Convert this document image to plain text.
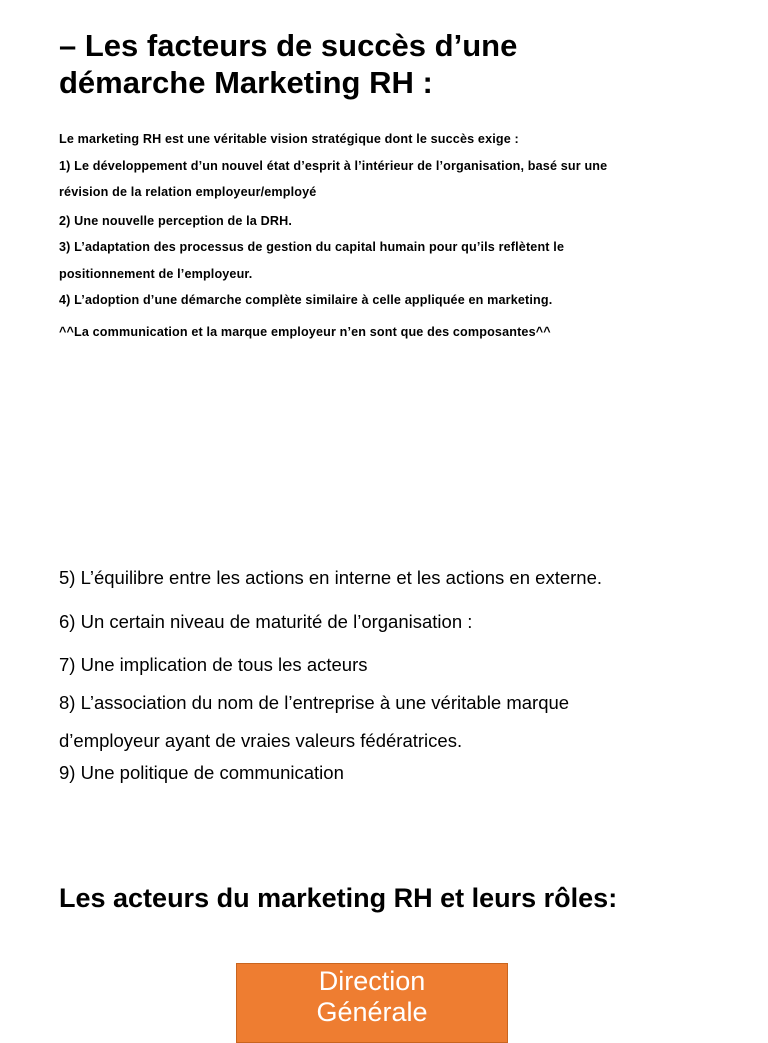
– Les facteurs de succès d’une
démarche Marketing RH :

Le marketing RH est une véritable vision stratégique dont le succès exige :

1) Le développement d’un nouvel état d’esprit à l’intérieur de l’organisation, basé sur une

révision de la relation employeur/employé

2) Une nouvelle perception de la DRH.

3) L’adaptation des processus de gestion du capital humain pour qu’ils reflètent le

positionnement de l’employeur.

4) L’adoption d’une démarche complète similaire à celle appliquée en marketing.

^^La communication et la marque employeur n’en sont que des composantes^^

5) L’équilibre entre les actions en interne et les actions en externe.

6) Un certain niveau de maturité de l’organisation :

7) Une implication de tous les acteurs

8) L’association du nom de l’entreprise à une véritable marque

d’employeur ayant de vraies valeurs fédératrices.

9) Une politique de communication

Les acteurs du marketing RH et leurs rôles:
Direction
Générale
